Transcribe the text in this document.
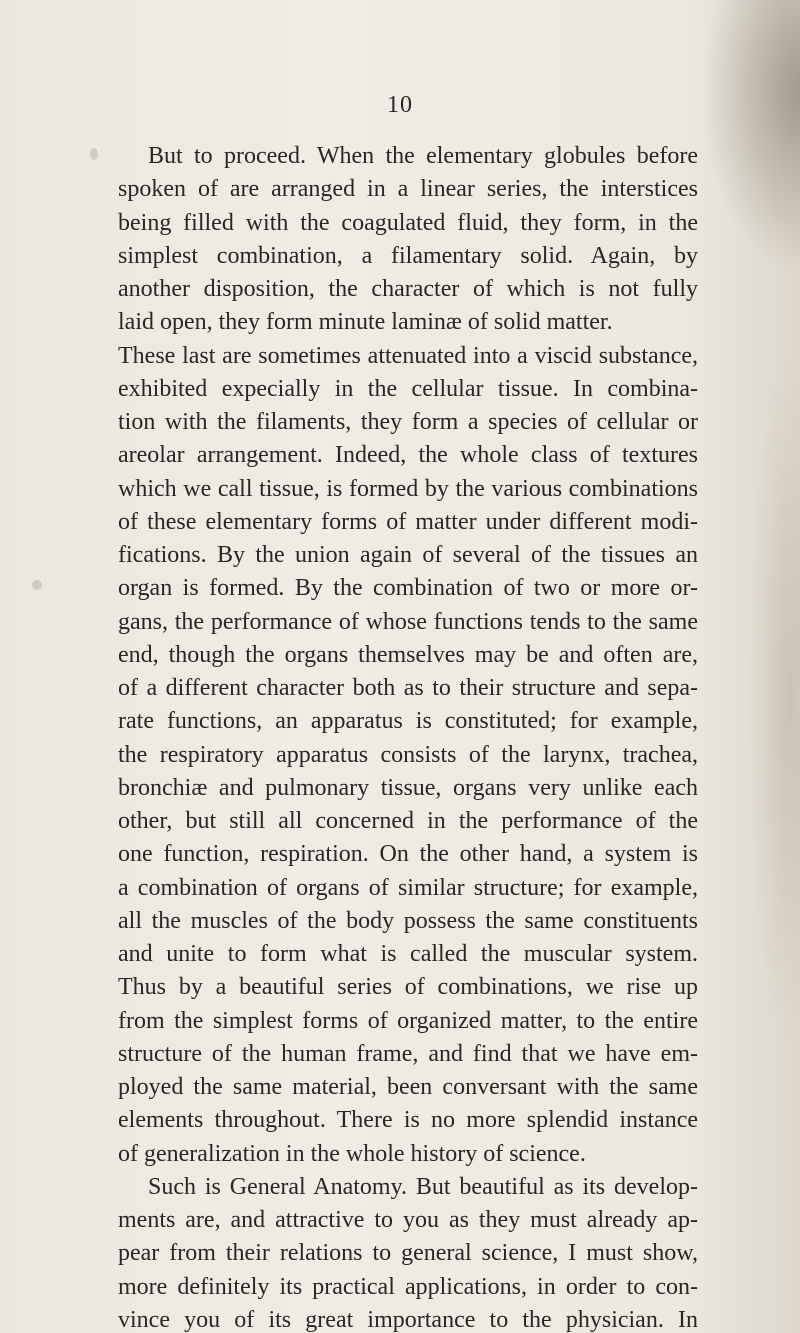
10
But to proceed. When the elementary globules before
spoken of are arranged in a linear series, the interstices
being filled with the coagulated fluid, they form, in the
simplest combination, a filamentary solid. Again, by
another disposition, the character of which is not fully
laid open, they form minute laminæ of solid matter.
These last are sometimes attenuated into a viscid substance,
exhibited expecially in the cellular tissue. In combina-
tion with the filaments, they form a species of cellular or
areolar arrangement. Indeed, the whole class of textures
which we call tissue, is formed by the various combinations
of these elementary forms of matter under different modi-
fications. By the union again of several of the tissues an
organ is formed. By the combination of two or more or-
gans, the performance of whose functions tends to the same
end, though the organs themselves may be and often are,
of a different character both as to their structure and sepa-
rate functions, an apparatus is constituted; for example,
the respiratory apparatus consists of the larynx, trachea,
bronchiæ and pulmonary tissue, organs very unlike each
other, but still all concerned in the performance of the
one function, respiration. On the other hand, a system is
a combination of organs of similar structure; for example,
all the muscles of the body possess the same constituents
and unite to form what is called the muscular system.
Thus by a beautiful series of combinations, we rise up
from the simplest forms of organized matter, to the entire
structure of the human frame, and find that we have em-
ployed the same material, been conversant with the same
elements throughout. There is no more splendid instance
of generalization in the whole history of science.
Such is General Anatomy. But beautiful as its develop-
ments are, and attractive to you as they must already ap-
pear from their relations to general science, I must show,
more definitely its practical applications, in order to con-
vince you of its great importance to the physician. In
